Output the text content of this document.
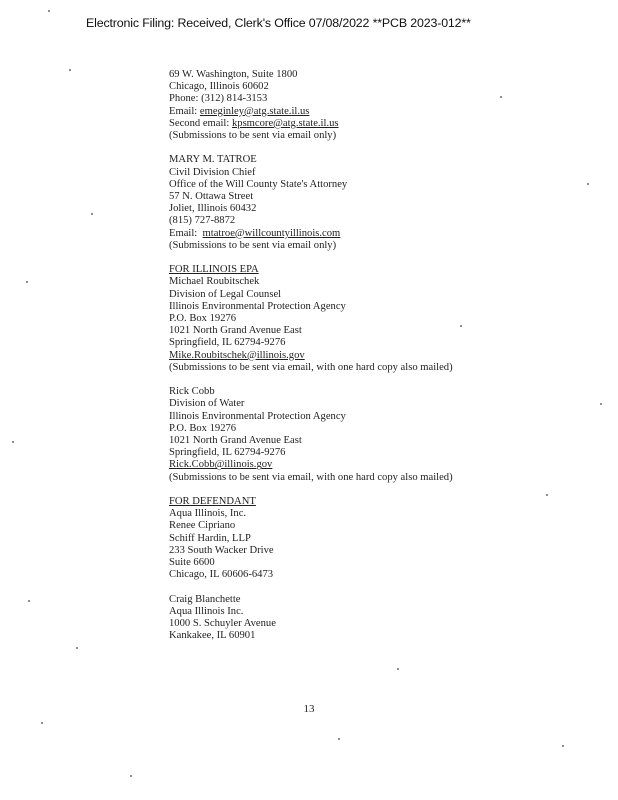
Electronic Filing: Received, Clerk's Office 07/08/2022 **PCB 2023-012**
69 W. Washington, Suite 1800
Chicago, Illinois 60602
Phone: (312) 814-3153
Email: emeginley@atg.state.il.us
Second email: kpsmcore@atg.state.il.us
(Submissions to be sent via email only)
MARY M. TATROE
Civil Division Chief
Office of the Will County State's Attorney
57 N. Ottawa Street
Joliet, Illinois 60432
(815) 727-8872
Email:  mtatroe@willcountyillinois.com
(Submissions to be sent via email only)
FOR ILLINOIS EPA
Michael Roubitschek
Division of Legal Counsel
Illinois Environmental Protection Agency
P.O. Box 19276
1021 North Grand Avenue East
Springfield, IL 62794-9276
Mike.Roubitschek@illinois.gov
(Submissions to be sent via email, with one hard copy also mailed)
Rick Cobb
Division of Water
Illinois Environmental Protection Agency
P.O. Box 19276
1021 North Grand Avenue East
Springfield, IL 62794-9276
Rick.Cobb@illinois.gov
(Submissions to be sent via email, with one hard copy also mailed)
FOR DEFENDANT
Aqua Illinois, Inc.
Renee Cipriano
Schiff Hardin, LLP
233 South Wacker Drive
Suite 6600
Chicago, IL 60606-6473
Craig Blanchette
Aqua Illinois Inc.
1000 S. Schuyler Avenue
Kankakee, IL 60901
13
